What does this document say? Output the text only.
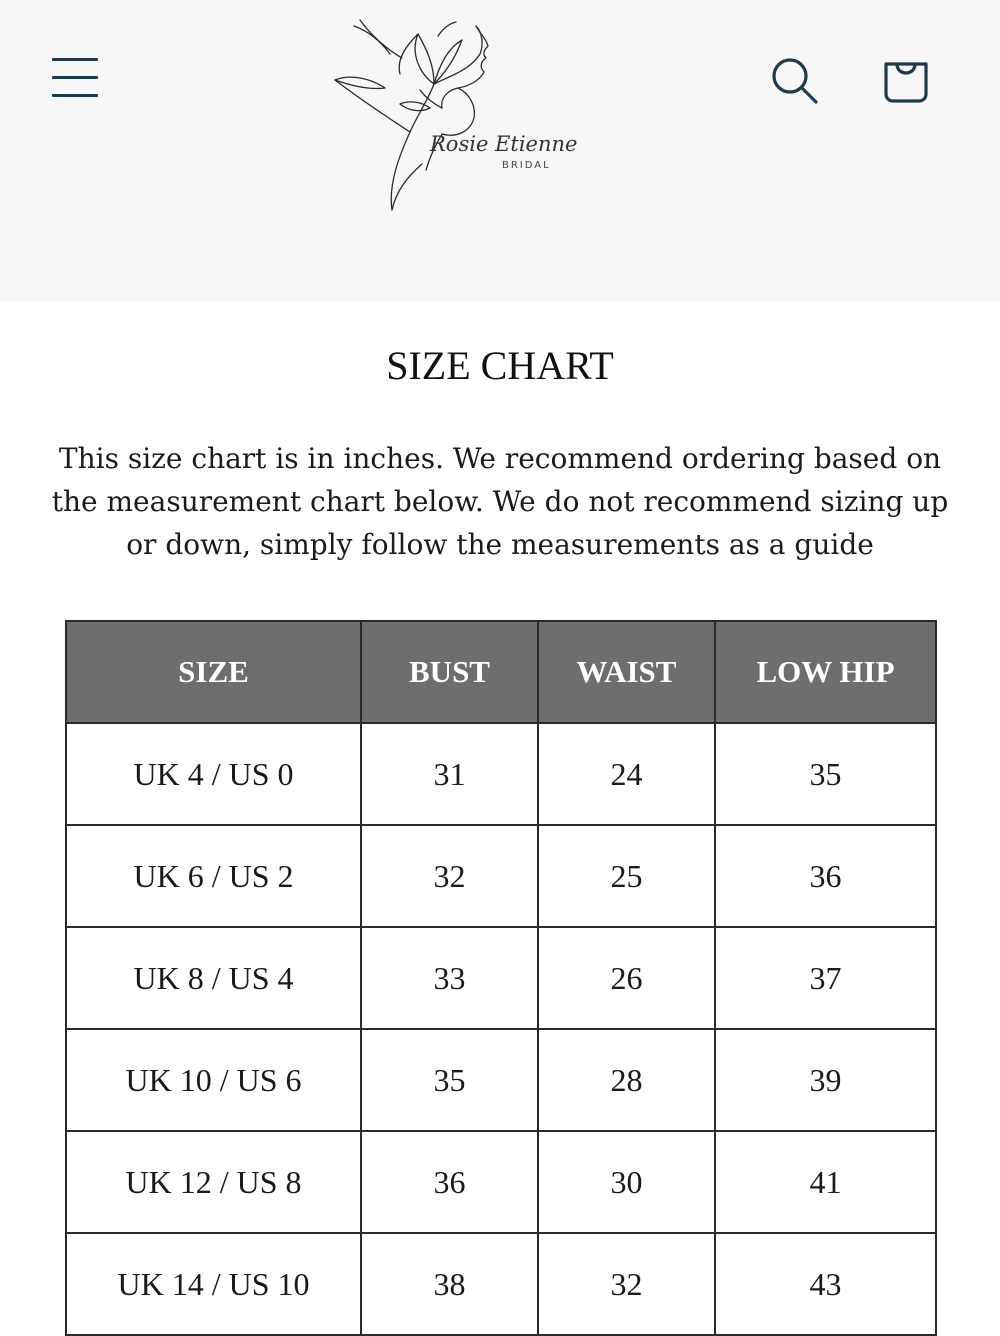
Rosie Etienne
BRIDAL
SIZE CHART

This size chart is in inches. We recommend ordering based on the measurement chart below. We do not recommend sizing up or down, simply follow the measurements as a guide

SIZE	BUST	WAIST	LOW HIP
UK 4 / US 0	31	24	35
UK 6 / US 2	32	25	36
UK 8 / US 4	33	26	37
UK 10 / US 6	35	28	39
UK 12 / US 8	36	30	41
UK 14 / US 10	38	32	43
